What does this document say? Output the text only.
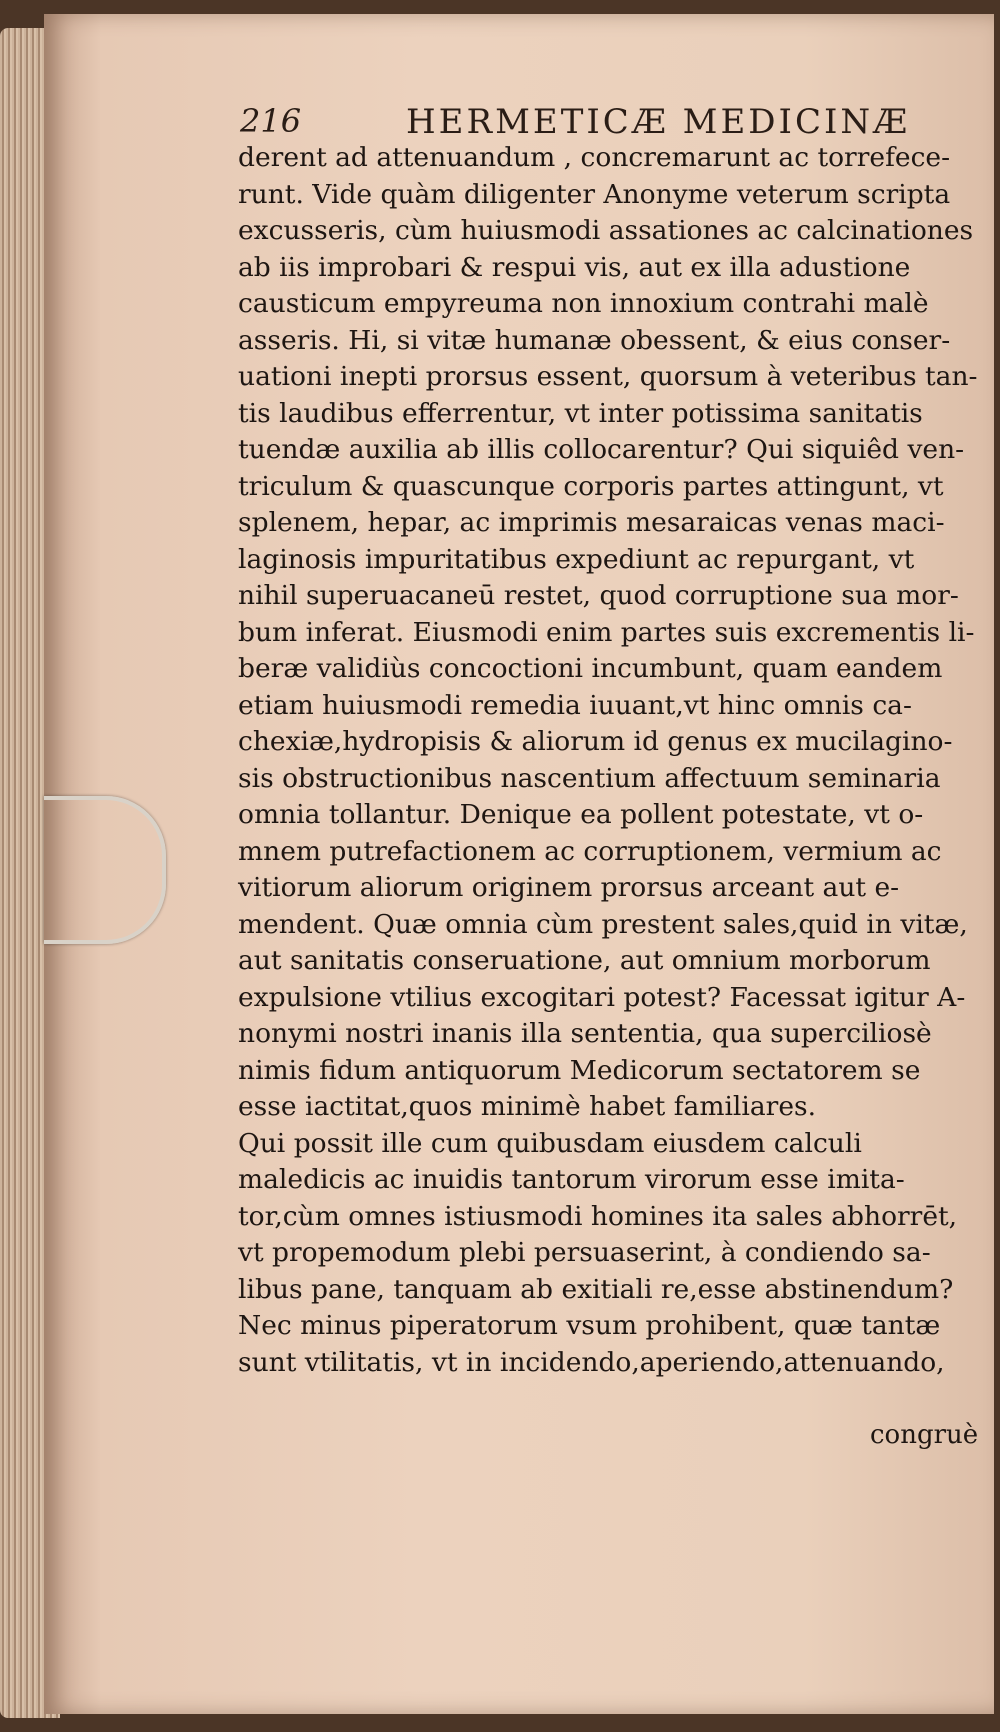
216	HERMETICÆ MEDICINÆ
derent ad attenuandum , concremarunt ac torrefece-
runt. Vide quàm diligenter Anonyme veterum scripta
excusseris, cùm huiusmodi assationes ac calcinationes
ab iis improbari & respui vis, aut ex illa adustione
causticum empyreuma non innoxium contrahi malè
asseris. Hi, si vitæ humanæ obessent, & eius conser-
uationi inepti prorsus essent, quorsum à veteribus tan-
tis laudibus efferrentur, vt inter potissima sanitatis
tuendæ auxilia ab illis collocarentur? Qui siquiêd ven-
triculum & quascunque corporis partes attingunt, vt
splenem, hepar, ac imprimis mesaraicas venas maci-
laginosis impuritatibus expediunt ac repurgant, vt
nihil superuacaneū restet, quod corruptione sua mor-
bum inferat. Eiusmodi enim partes suis excrementis li-
beræ validiùs concoctioni incumbunt, quam eandem
etiam huiusmodi remedia iuuant,vt hinc omnis ca-
chexiæ,hydropisis & aliorum id genus ex mucilagino-
sis obstructionibus nascentium affectuum seminaria
omnia tollantur. Denique ea pollent potestate, vt o-
mnem putrefactionem ac corruptionem, vermium ac
vitiorum aliorum originem prorsus arceant aut e-
mendent. Quæ omnia cùm prestent sales,quid in vitæ,
aut sanitatis conseruatione, aut omnium morborum
expulsione vtilius excogitari potest? Facessat igitur A-
nonymi nostri inanis illa sententia, qua superciliosè
nimis fidum antiquorum Medicorum sectatorem se
esse iactitat,quos minimè habet familiares.
Qui possit ille cum quibusdam eiusdem calculi
maledicis ac inuidis tantorum virorum esse imita-
tor,cùm omnes istiusmodi homines ita sales abhorrēt,
vt propemodum plebi persuaserint, à condiendo sa-
libus pane, tanquam ab exitiali re,esse abstinendum?
Nec minus piperatorum vsum prohibent, quæ tantæ
sunt vtilitatis, vt in incidendo,aperiendo,attenuando,
congruè
